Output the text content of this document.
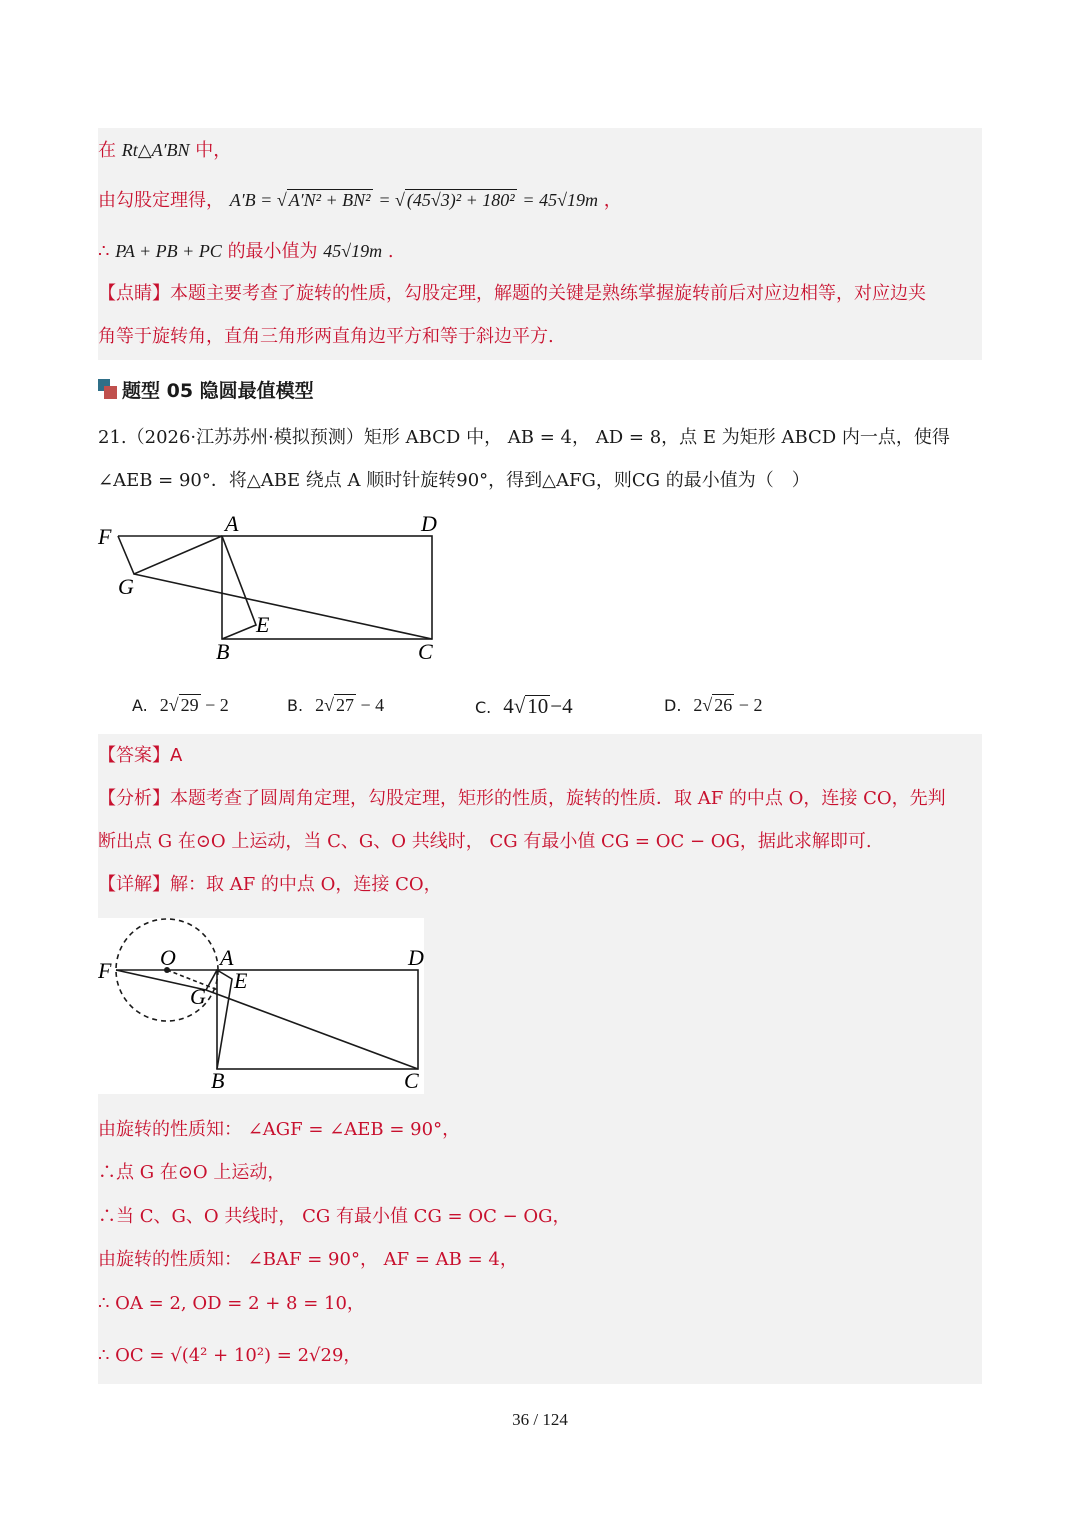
在 Rt△A′BN 中，
由勾股定理得， A′B = √ A′N² + BN² = √ (45√3)² + 180² = 45√19m ，
∴ PA + PB + PC 的最小值为 45√19m .
【点睛】本题主要考查了旋转的性质，勾股定理，解题的关键是熟练掌握旋转前后对应边相等，对应边夹
角等于旋转角，直角三角形两直角边平方和等于斜边平方.
题型 05 隐圆最值模型
21.（2026·江苏苏州·模拟预测）矩形 ABCD 中， AB = 4， AD = 8，点 E 为矩形 ABCD 内一点，使得
∠AEB = 90°．将△ABE 绕点 A 顺时针旋转90°，得到△AFG，则CG 的最小值为（　）
F
A	D
G
E
B	C
A. 2√ 29 − 2	B. 2√ 27 − 4	C. 4√10−4	D. 2√ 26 − 2
【答案】A
【分析】本题考查了圆周角定理，勾股定理，矩形的性质，旋转的性质．取 AF 的中点 O，连接 CO，先判
断出点 G 在⊙O 上运动，当 C、G、O 共线时， CG 有最小值 CG = OC − OG，据此求解即可.
【详解】解：取 AF 的中点 O，连接 CO，
O A	D
F	E
G
B	C
由旋转的性质知： ∠AGF = ∠AEB = 90°，
∴点 G 在⊙O 上运动，
∴当 C、G、O 共线时， CG 有最小值 CG = OC − OG，
由旋转的性质知： ∠BAF = 90°， AF = AB = 4，
∴ OA = 2, OD = 2 + 8 = 10，
∴ OC = √(4² + 10²) = 2√29，
36 / 124
